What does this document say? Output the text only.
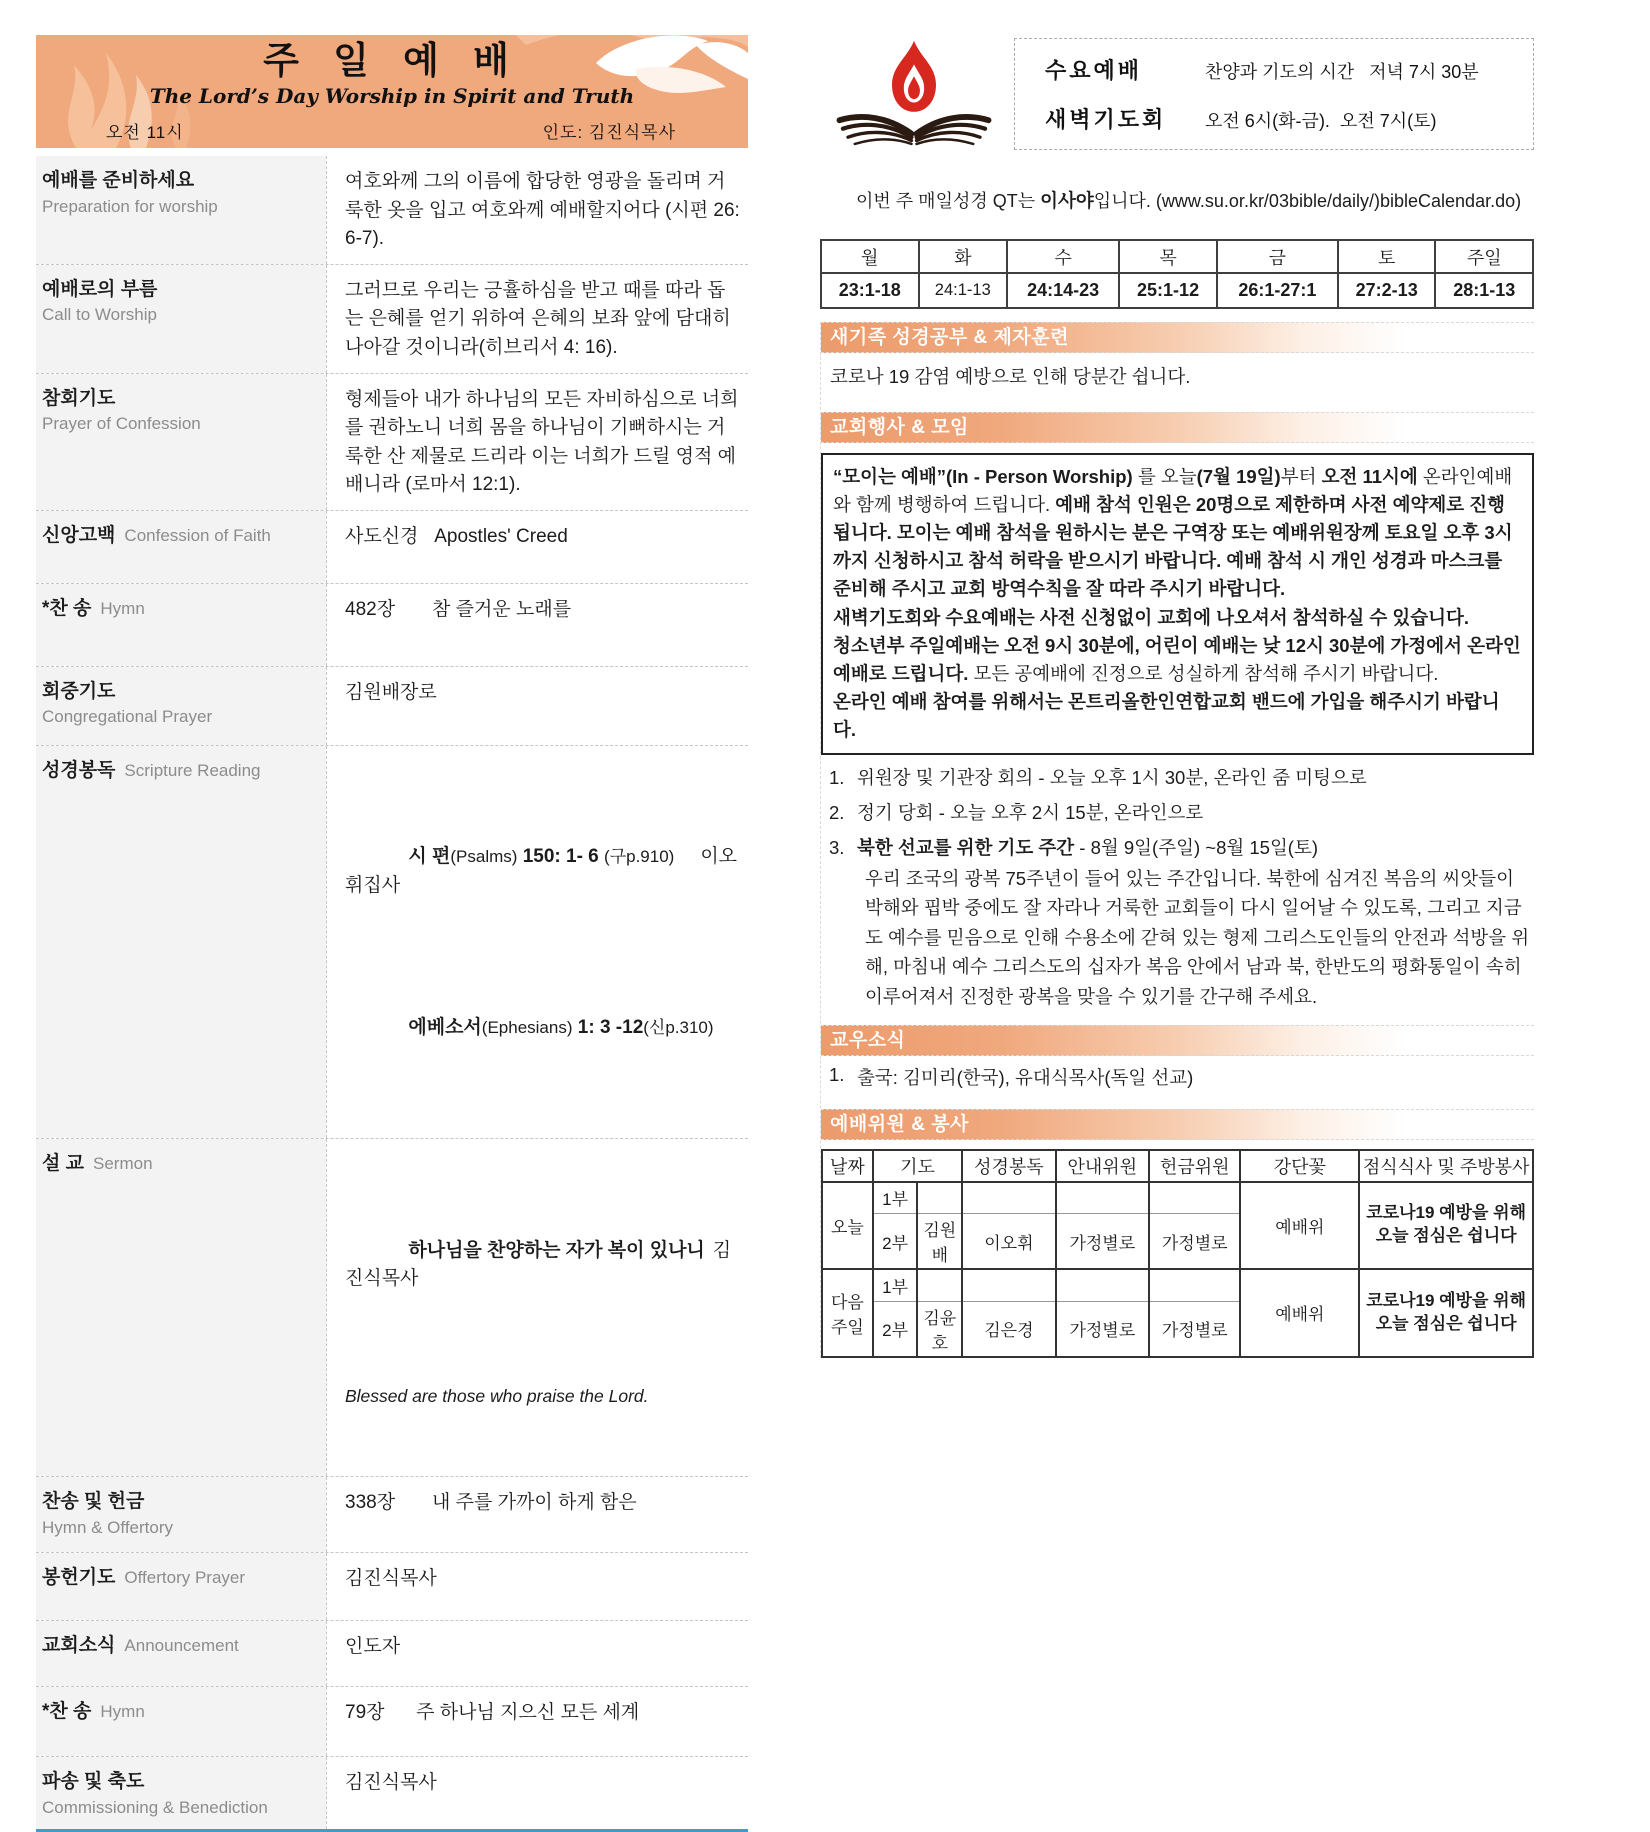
주 일 예 배
The Lord’s Day Worship in Spirit and Truth
오전 11시	인도: 김진식목사
예배를 준비하세요
Preparation for worship
여호와께 그의 이름에 합당한 영광을 돌리며 거룩한 옷을 입고 여호와께 예배할지어다 (시편 26: 6-7).
예배로의 부름
Call to Worship
그러므로 우리는 긍휼하심을 받고 때를 따라 돕는 은혜를 얻기 위하여 은혜의 보좌 앞에 담대히 나아갈 것이니라(히브리서 4: 16).
참회기도
Prayer of Confession
형제들아 내가 하나님의 모든 자비하심으로 너희를 권하노니 너희 몸을 하나님이 기뻐하시는 거룩한 산 제물로 드리라 이는 너희가 드릴 영적 예배니라 (로마서 12:1).
신앙고백 Confession of Faith	사도신경   Apostles' Creed
*찬 송 Hymn	482장       참 즐거운 노래를
회중기도
Congregational Prayer
김원배장로
성경봉독 Scripture Reading

시 편(Psalms) 150: 1- 6 (구p.910) 이오휘집사

에베소서(Ephesians) 1: 3 -12(신p.310)

설 교 Sermon

하나님을 찬양하는 자가 복이 있나니 김진식목사

Blessed are those who praise the Lord.

찬송 및 헌금
Hymn & Offertory
338장       내 주를 가까이 하게 함은
봉헌기도 Offertory Prayer	김진식목사
교회소식 Announcement	인도자
*찬 송 Hymn	79장      주 하나님 지으신 모든 세계
파송 및 축도
Commissioning & Benediction
김진식목사
수요예배	찬양과 기도의 시간   저녁 7시 30분
새벽기도회	오전 6시(화-금).  오전 7시(토)

이번 주 매일성경 QT는 이사야입니다. (www.su.or.kr/03bible/daily/)bibleCalendar.do)

월	화	수	목	금	토	주일
23:1-18	24:1-13	24:14-23	25:1-12	26:1-27:1	27:2-13	28:1-13
새기족 성경공부 & 제자훈련
코로나 19 감염 예방으로 인해 당분간 쉽니다.
교회행사 & 모임

“모이는 예배”(In - Person Worship) 를 오늘(7월 19일)부터 오전 11시에 온라인예배와 함께 병행하여 드립니다. 예배 참석 인원은 20명으로 제한하며 사전 예약제로 진행됩니다. 모이는 예배 참석을 원하시는 분은 구역장 또는 예배위원장께 토요일 오후 3시까지 신청하시고 참석 허락을 받으시기 바랍니다. 예배 참석 시 개인 성경과 마스크를 준비해 주시고 교회 방역수칙을 잘 따라 주시기 바랍니다.

새벽기도회와 수요예배는 사전 신청없이 교회에 나오셔서 참석하실 수 있습니다.

청소년부 주일예배는 오전 9시 30분에, 어린이 예배는 낮 12시 30분에 가정에서 온라인 예배로 드립니다. 모든 공예배에 진정으로 성실하게 참석해 주시기 바랍니다.

온라인 예배 참여를 위해서는 몬트리올한인연합교회 밴드에 가입을 해주시기 바랍니다.

1. 위원장 및 기관장 회의 - 오늘 오후 1시 30분, 온라인 줌 미팅으로
2. 정기 당회 - 오늘 오후 2시 15분, 온라인으로
3. 북한 선교를 위한 기도 주간 - 8월 9일(주일) ~8월 15일(토)
우리 조국의 광복 75주년이 들어 있는 주간입니다. 북한에 심겨진 복음의 씨앗들이 박해와 핍박 중에도 잘 자라나 거룩한 교회들이 다시 일어날 수 있도록, 그리고 지금도 예수를 믿음으로 인해 수용소에 갇혀 있는 형제 그리스도인들의 안전과 석방을 위해, 마침내 예수 그리스도의 십자가 복음 안에서 남과 북, 한반도의 평화통일이 속히 이루어져서 진정한 광복을 맞을 수 있기를 간구해 주세요.
교우소식
1. 출국: 김미리(한국), 유대식목사(독일 선교)
예배위원 & 봉사
날짜	기도		성경봉독	안내위원	헌금위원	강단꽃	점식식사 및 주방봉사
오늘	1부					예배위	코로나19 예방을 위해
오늘 점심은 쉽니다

	2부	김원배	이오휘	가정별로	가정별로		

다음
주일
	1부					예배위	
코로나19 예방을 위해
오늘 점심은 쉽니다

	2부	김윤호	김은경	가정별로	가정별로		
